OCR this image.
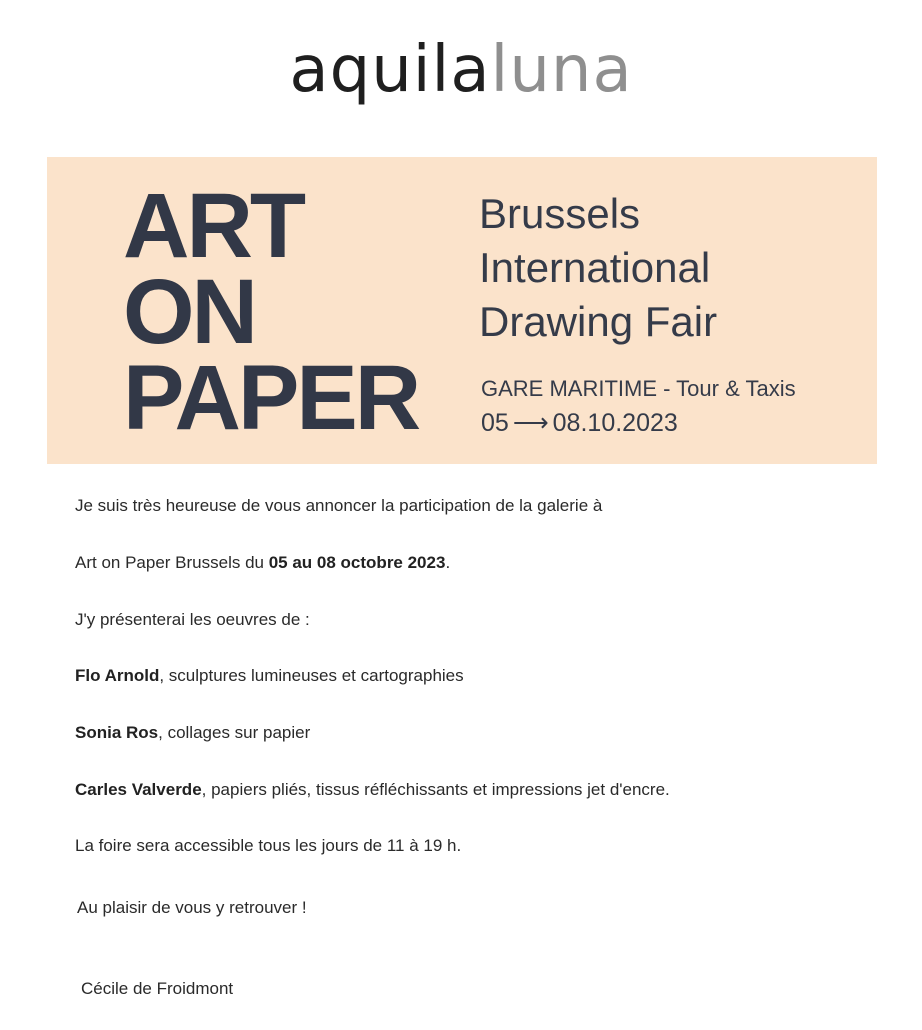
aquilaluna
ART
ON
PAPER
Brussels
International
Drawing Fair
GARE MARITIME - Tour & Taxis
05 ⟶ 08.10.2023
Je suis très heureuse de vous annoncer la participation de la galerie à
Art on Paper Brussels du 05 au 08 octobre 2023.
J'y présenterai les oeuvres de :
Flo Arnold, sculptures lumineuses et cartographies
Sonia Ros, collages sur papier
Carles Valverde, papiers pliés, tissus réfléchissants et impressions jet d'encre.
La foire sera accessible tous les jours de 11 à 19 h.
Au plaisir de vous y retrouver !
Cécile de Froidmont
